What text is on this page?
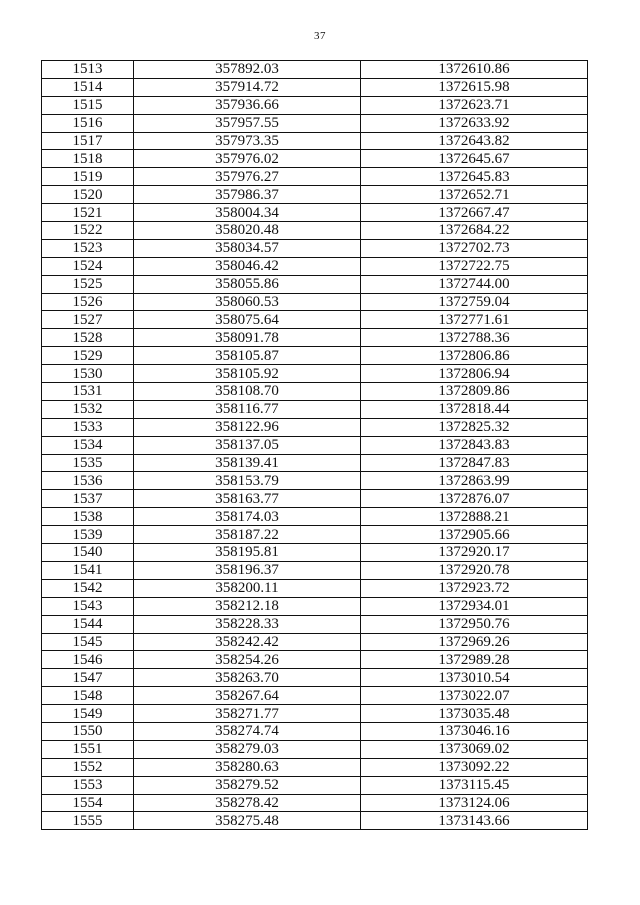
37
1513	357892.03	1372610.86
1514	357914.72	1372615.98
1515	357936.66	1372623.71
1516	357957.55	1372633.92
1517	357973.35	1372643.82
1518	357976.02	1372645.67
1519	357976.27	1372645.83
1520	357986.37	1372652.71
1521	358004.34	1372667.47
1522	358020.48	1372684.22
1523	358034.57	1372702.73
1524	358046.42	1372722.75
1525	358055.86	1372744.00
1526	358060.53	1372759.04
1527	358075.64	1372771.61
1528	358091.78	1372788.36
1529	358105.87	1372806.86
1530	358105.92	1372806.94
1531	358108.70	1372809.86
1532	358116.77	1372818.44
1533	358122.96	1372825.32
1534	358137.05	1372843.83
1535	358139.41	1372847.83
1536	358153.79	1372863.99
1537	358163.77	1372876.07
1538	358174.03	1372888.21
1539	358187.22	1372905.66
1540	358195.81	1372920.17
1541	358196.37	1372920.78
1542	358200.11	1372923.72
1543	358212.18	1372934.01
1544	358228.33	1372950.76
1545	358242.42	1372969.26
1546	358254.26	1372989.28
1547	358263.70	1373010.54
1548	358267.64	1373022.07
1549	358271.77	1373035.48
1550	358274.74	1373046.16
1551	358279.03	1373069.02
1552	358280.63	1373092.22
1553	358279.52	1373115.45
1554	358278.42	1373124.06
1555	358275.48	1373143.66
